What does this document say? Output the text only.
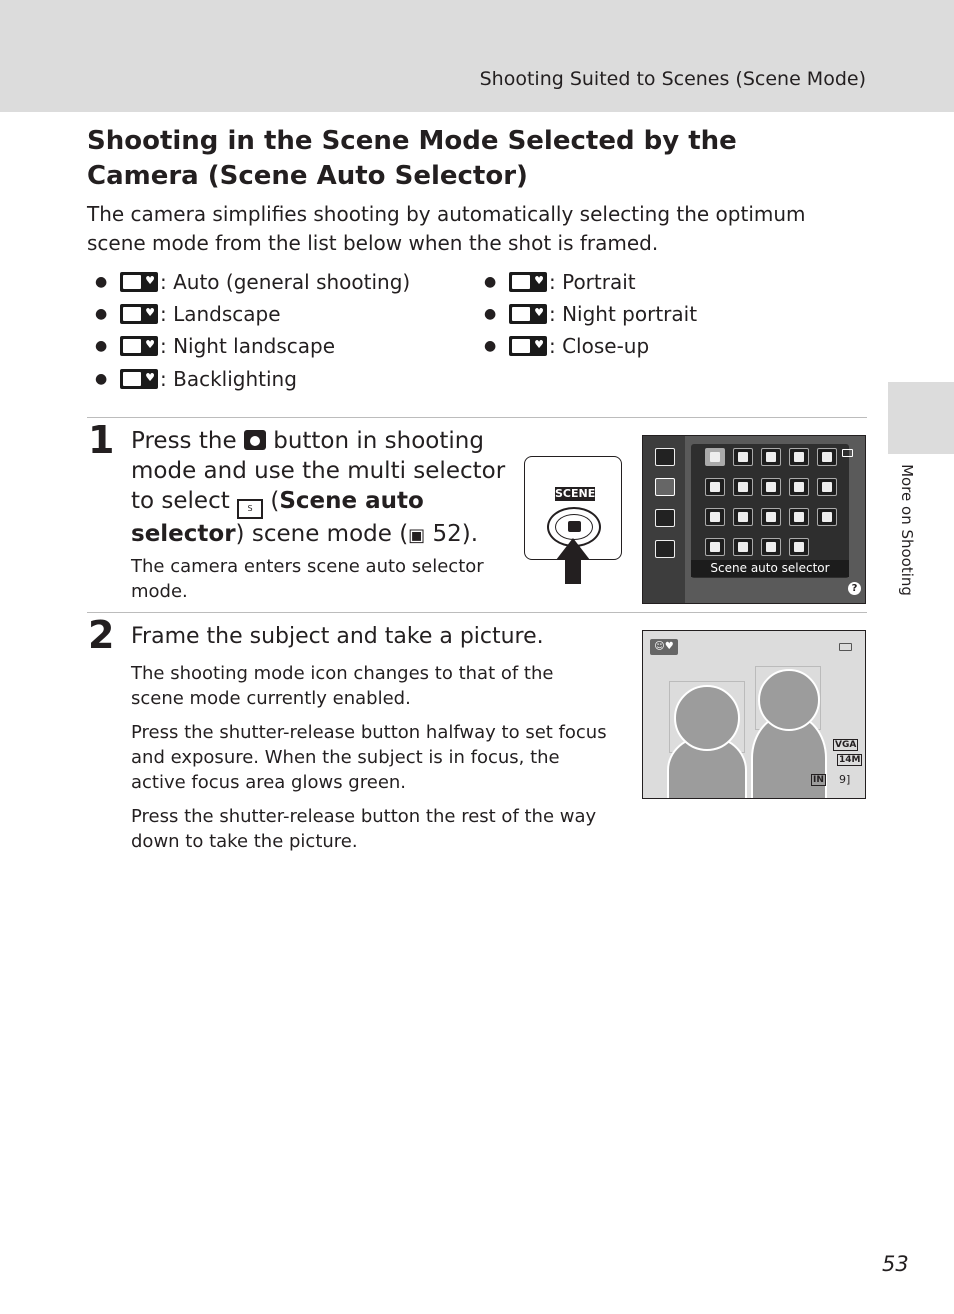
Shooting Suited to Scenes (Scene Mode)
More on Shooting
Shooting in the Scene Mode Selected by the Camera (Scene Auto Selector)

The camera simplifies shooting by automatically selecting the optimum scene mode from the list below when the shot is framed.

● ♥	: Auto (general shooting)
● ♥	: Landscape
● ♥	: Night landscape
● ♥	: Backlighting
● ♥	: Portrait
● ♥	: Night portrait
● ♥	: Close-up
1 Press the button in shooting mode and use the multi selector to select S (Scene auto selector) scene mode (▣ 52).

The camera enters scene auto selector mode.

SCENE
Scene auto selector
?
2 Frame the subject and take a picture.

The shooting mode icon changes to that of the scene mode currently enabled.

Press the shutter-release button halfway to set focus and exposure. When the subject is in focus, the active focus area glows green.

Press the shutter-release button the rest of the way down to take the picture.

☺♥
VGA
14M
IN 9]
53
